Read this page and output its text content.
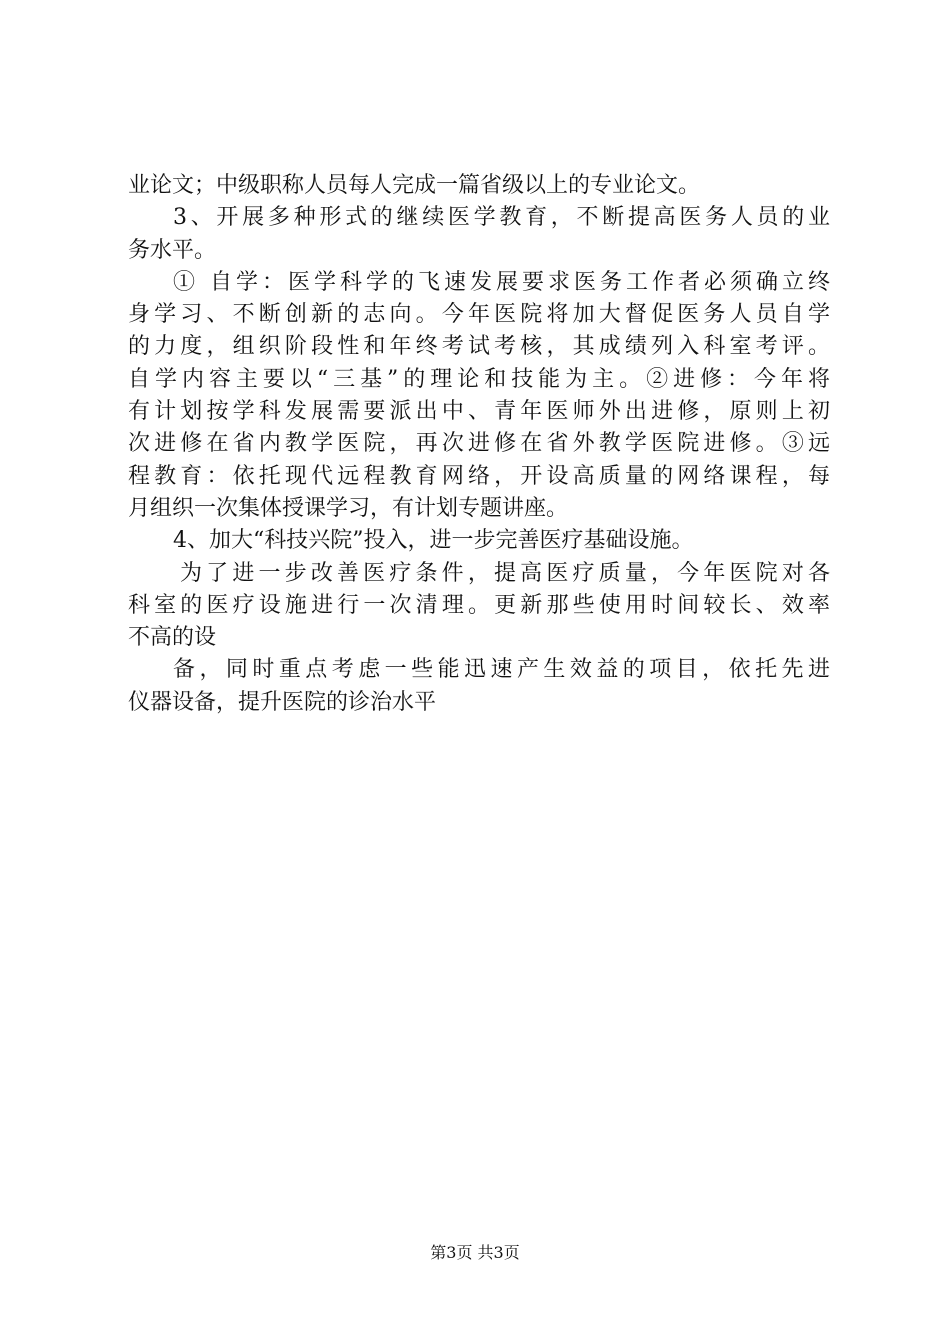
业论文；中级职称人员每人完成一篇省级以上的专业论文。
3、开展多种形式的继续医学教育，不断提高医务人员的业
务水平。
① 自学：医学科学的飞速发展要求医务工作者必须确立终
身学习、不断创新的志向。今年医院将加大督促医务人员自学
的力度，组织阶段性和年终考试考核，其成绩列入科室考评。
自学内容主要以“三基”的理论和技能为主。②进修：今年将
有计划按学科发展需要派出中、青年医师外出进修，原则上初
次进修在省内教学医院，再次进修在省外教学医院进修。③远
程教育：依托现代远程教育网络，开设高质量的网络课程，每
月组织一次集体授课学习，有计划专题讲座。
4、加大“科技兴院”投入，进一步完善医疗基础设施。
为了进一步改善医疗条件，提高医疗质量，今年医院对各
科室的医疗设施进行一次清理。更新那些使用时间较长、效率
不高的设
备，同时重点考虑一些能迅速产生效益的项目，依托先进
仪器设备，提升医院的诊治水平
第3页 共3页
